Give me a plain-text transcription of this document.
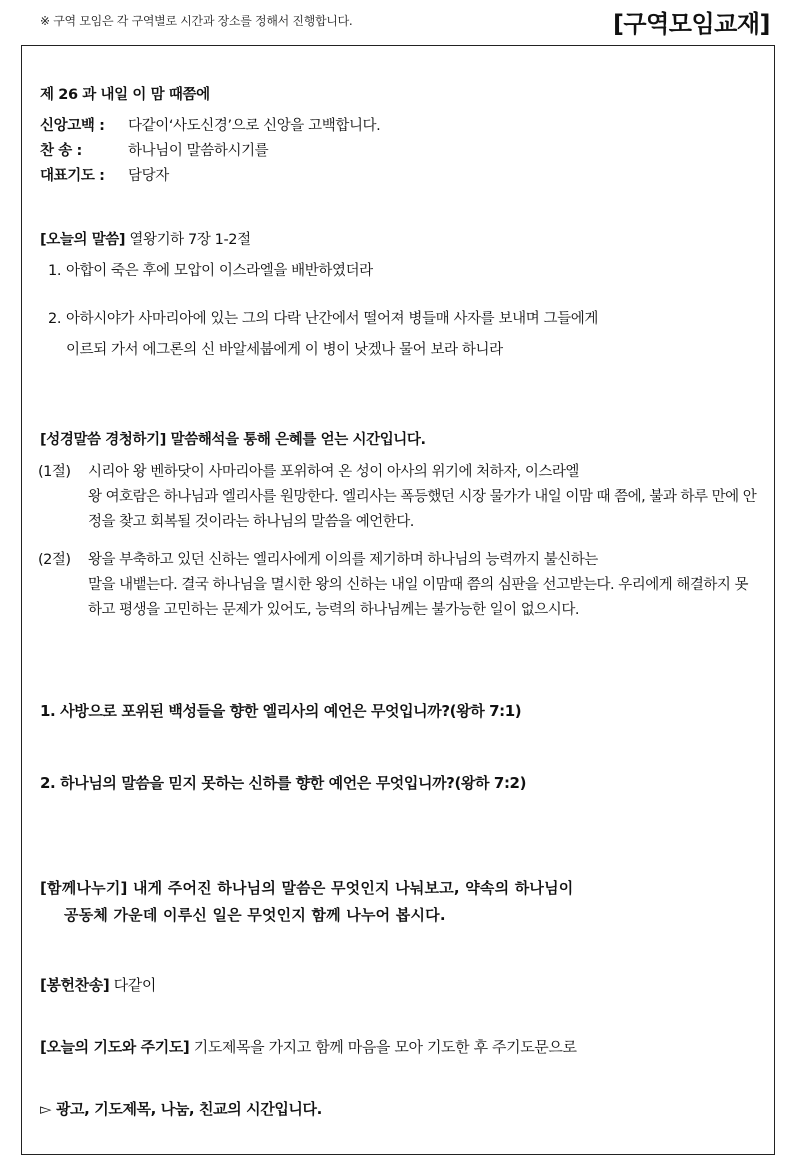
※ 구역 모임은 각 구역별로 시간과 장소를 정해서 진행합니다.	[구역모임교재]
제 26 과 내일 이 맘 때쯤에
신앙고백 : 다같이‘사도신경’으로 신앙을 고백합니다.
찬 송 :	하나님이 말씀하시기를
대표기도 : 담당자
[오늘의 말씀] 열왕기하 7장 1-2절
1. 아합이 죽은 후에 모압이 이스라엘을 배반하였더라
2. 아하시야가 사마리아에 있는 그의 다락 난간에서 떨어져 병들매 사자를 보내며 그들에게
이르되 가서 에그론의 신 바알세붑에게 이 병이 낫겠나 물어 보라 하니라
[성경말씀 경청하기] 말씀해석을 통해 은혜를 얻는 시간입니다.
(1절) 시리아 왕 벤하닷이 사마리아를 포위하여 온 성이 아사의 위기에 처하자, 이스라엘
왕 여호람은 하나님과 엘리사를 원망한다. 엘리사는 폭등했던 시장 물가가 내일 이맘 때 쯤에, 불과 하루 만에 안정을 찾고 회복될 것이라는 하나님의 말씀을 예언한다.
(2절) 왕을 부축하고 있던 신하는 엘리사에게 이의를 제기하며 하나님의 능력까지 불신하는
말을 내뱉는다. 결국 하나님을 멸시한 왕의 신하는 내일 이맘때 쯤의 심판을 선고받는다. 우리에게 해결하지 못하고 평생을 고민하는 문제가 있어도, 능력의 하나님께는 불가능한 일이 없으시다.
1. 사방으로 포위된 백성들을 향한 엘리사의 예언은 무엇입니까?(왕하 7:1)
2. 하나님의 말씀을 믿지 못하는 신하를 향한 예언은 무엇입니까?(왕하 7:2)
[함께나누기] 내게 주어진 하나님의 말씀은 무엇인지 나눠보고, 약속의 하나님이
공동체 가운데 이루신 일은 무엇인지 함께 나누어 봅시다.
[봉헌찬송] 다같이
[오늘의 기도와 주기도] 기도제목을 가지고 함께 마음을 모아 기도한 후 주기도문으로
▻ 광고, 기도제목, 나눔, 친교의 시간입니다.
